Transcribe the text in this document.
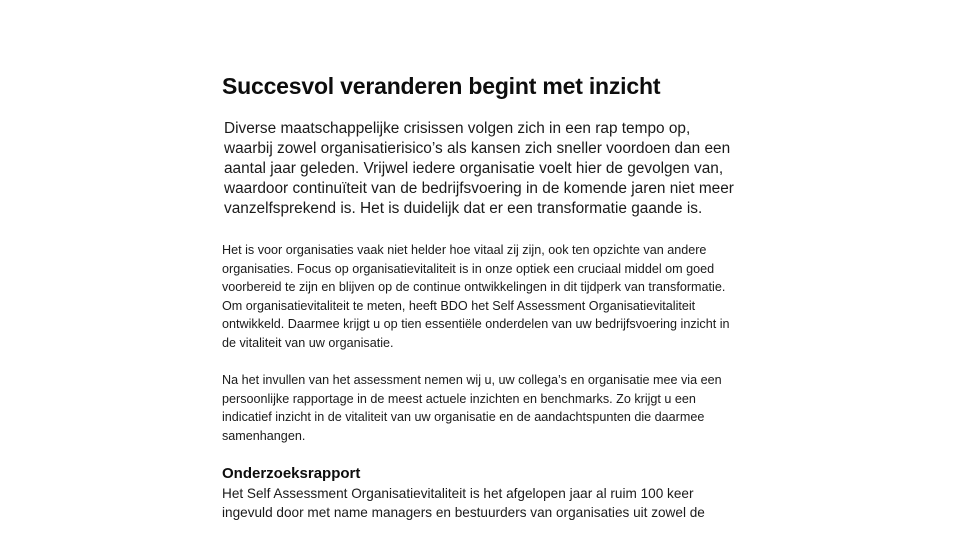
Succesvol veranderen begint met inzicht

Diverse maatschappelijke crisissen volgen zich in een rap tempo op, waarbij zowel organisatierisico’s als kansen zich sneller voordoen dan een aantal jaar geleden. Vrijwel iedere organisatie voelt hier de gevolgen van, waardoor continuïteit van de bedrijfsvoering in de komende jaren niet meer vanzelfsprekend is. Het is duidelijk dat er een transformatie gaande is.

Het is voor organisaties vaak niet helder hoe vitaal zij zijn, ook ten opzichte van andere organisaties. Focus op organisatievitaliteit is in onze optiek een cruciaal middel om goed voorbereid te zijn en blijven op de continue ontwikkelingen in dit tijdperk van transformatie. Om organisatievitaliteit te meten, heeft BDO het Self Assessment Organisatievitaliteit ontwikkeld. Daarmee krijgt u op tien essentiële onderdelen van uw bedrijfsvoering inzicht in de vitaliteit van uw organisatie.

Na het invullen van het assessment nemen wij u, uw collega’s en organisatie mee via een persoonlijke rapportage in de meest actuele inzichten en benchmarks. Zo krijgt u een indicatief inzicht in de vitaliteit van uw organisatie en de aandachtspunten die daarmee samenhangen.

Onderzoeksrapport

Het Self Assessment Organisatievitaliteit is het afgelopen jaar al ruim 100 keer ingevuld door met name managers en bestuurders van organisaties uit zowel de
